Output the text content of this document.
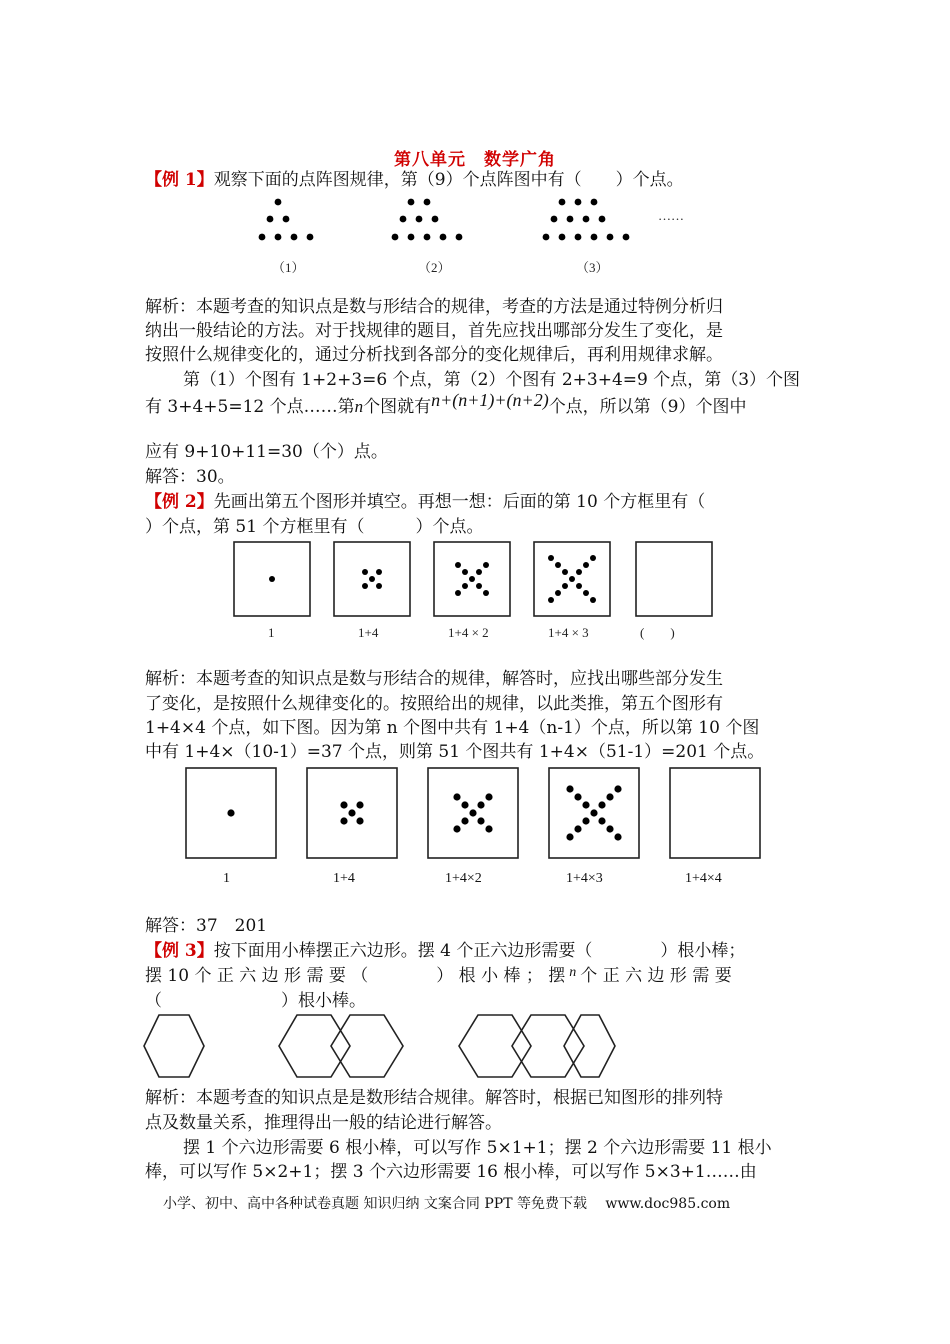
第八单元　数学广角
【例 1】观察下面的点阵图规律，第（9）个点阵图中有（　　）个点。
……
（1）	（2）	（3）
解析：本题考查的知识点是数与形结合的规律，考查的方法是通过特例分析归
纳出一般结论的方法。对于找规律的题目，首先应找出哪部分发生了变化，是
按照什么规律变化的，通过分析找到各部分的变化规律后，再利用规律求解。
第（1）个图有 1+2+3=6 个点，第（2）个图有 2+3+4=9 个点，第（3）个图
有 3+4+5=12 个点……第n个图就有n+(n+1)+(n+2)个点，所以第（9）个图中
应有 9+10+11=30（个）点。
解答：30。
【例 2】先画出第五个图形并填空。再想一想：后面的第 10 个方框里有（
）个点，第 51 个方框里有（　　　）个点。
1	1+4	1+4 × 2	1+4 × 3	(　　)
解析：本题考查的知识点是数与形结合的规律，解答时，应找出哪些部分发生
了变化，是按照什么规律变化的。按照给出的规律，以此类推，第五个图形有
1+4×4 个点，如下图。因为第 n 个图中共有 1+4（n-1）个点，所以第 10 个图
中有 1+4×（10-1）=37 个点，则第 51 个图共有 1+4×（51-1）=201 个点。
1	1+4	1+4×2	1+4×3	1+4×4
解答：37　201
【例 3】按下面用小棒摆正六边形。摆 4 个正六边形需要（　　　　）根小棒；
摆 10 个 正 六 边 形 需 要 （　　　　） 根 小 棒 ； 摆 $^n$ 个 正 六 边 形 需 要
（　　　　　　　）根小棒。
解析：本题考查的知识点是是数形结合规律。解答时，根据已知图形的排列特
点及数量关系，推理得出一般的结论进行解答。
摆 1 个六边形需要 6 根小棒，可以写作 5×1+1；摆 2 个六边形需要 11 根小
棒，可以写作 5×2+1；摆 3 个六边形需要 16 根小棒，可以写作 5×3+1……由
小学、初中、高中各种试卷真题 知识归纳 文案合同 PPT 等免费下载　 www.doc985.com
